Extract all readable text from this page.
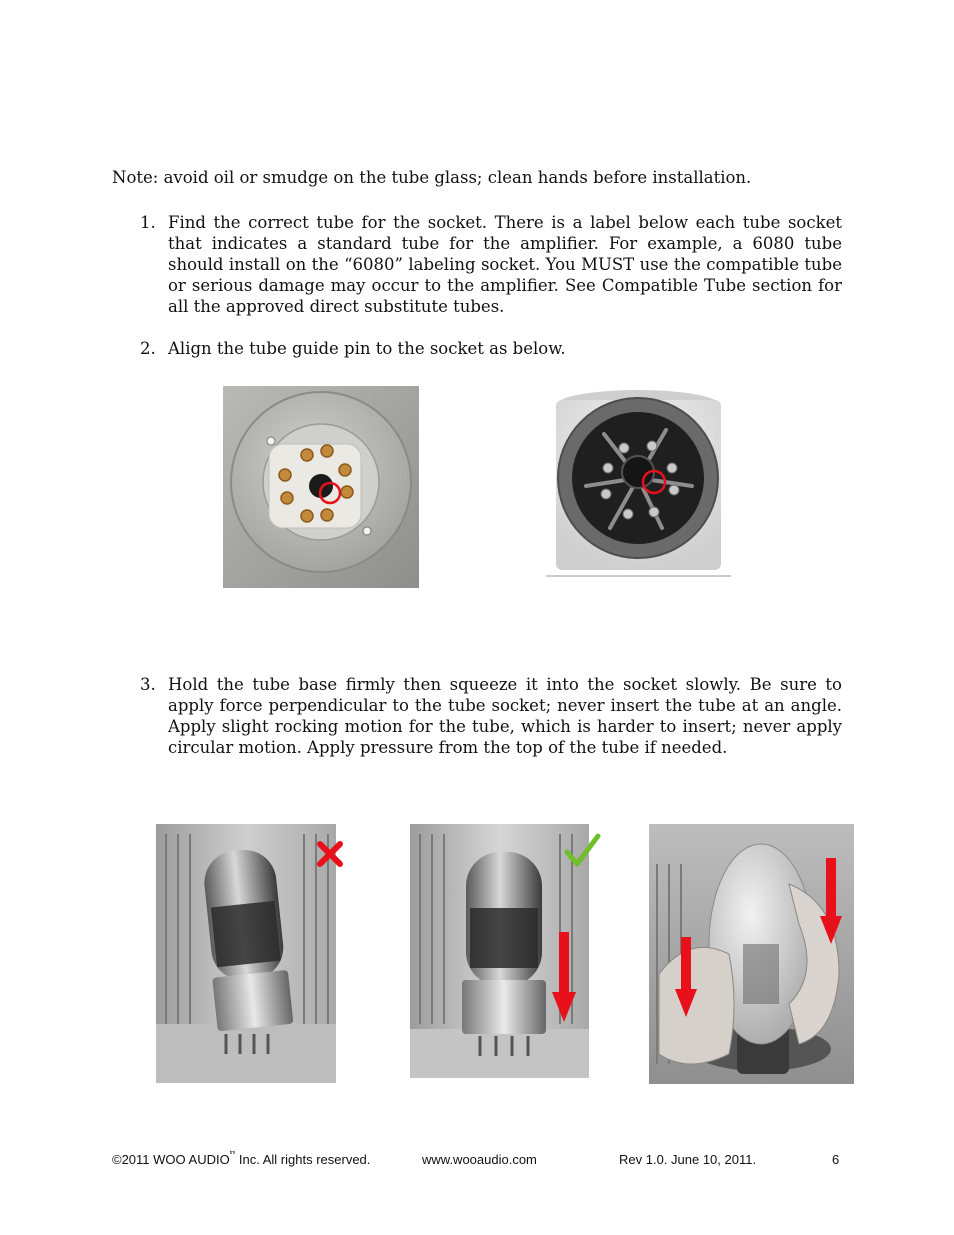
Note: avoid oil or smudge on the tube glass; clean hands before installation.
1. Find the correct tube for the socket. There is a label below each tube socket that indicates a standard tube for the amplifier. For example, a 6080 tube should install on the “6080” labeling socket. You MUST use the compatible tube or serious damage may occur to the amplifier. See Compatible Tube section for all the approved direct substitute tubes.
2. Align the tube guide pin to the socket as below.
3. Hold the tube base firmly then squeeze it into the socket slowly. Be sure to apply force perpendicular to the tube socket; never insert the tube at an angle. Apply slight rocking motion for the tube, which is harder to insert; never apply circular motion. Apply pressure from the top of the tube if needed.
©2011 WOO $AUDIO^{tm}$ Inc. All rights reserved.	www.wooaudio.com	Rev 1.0. June 10, 2011.	6
